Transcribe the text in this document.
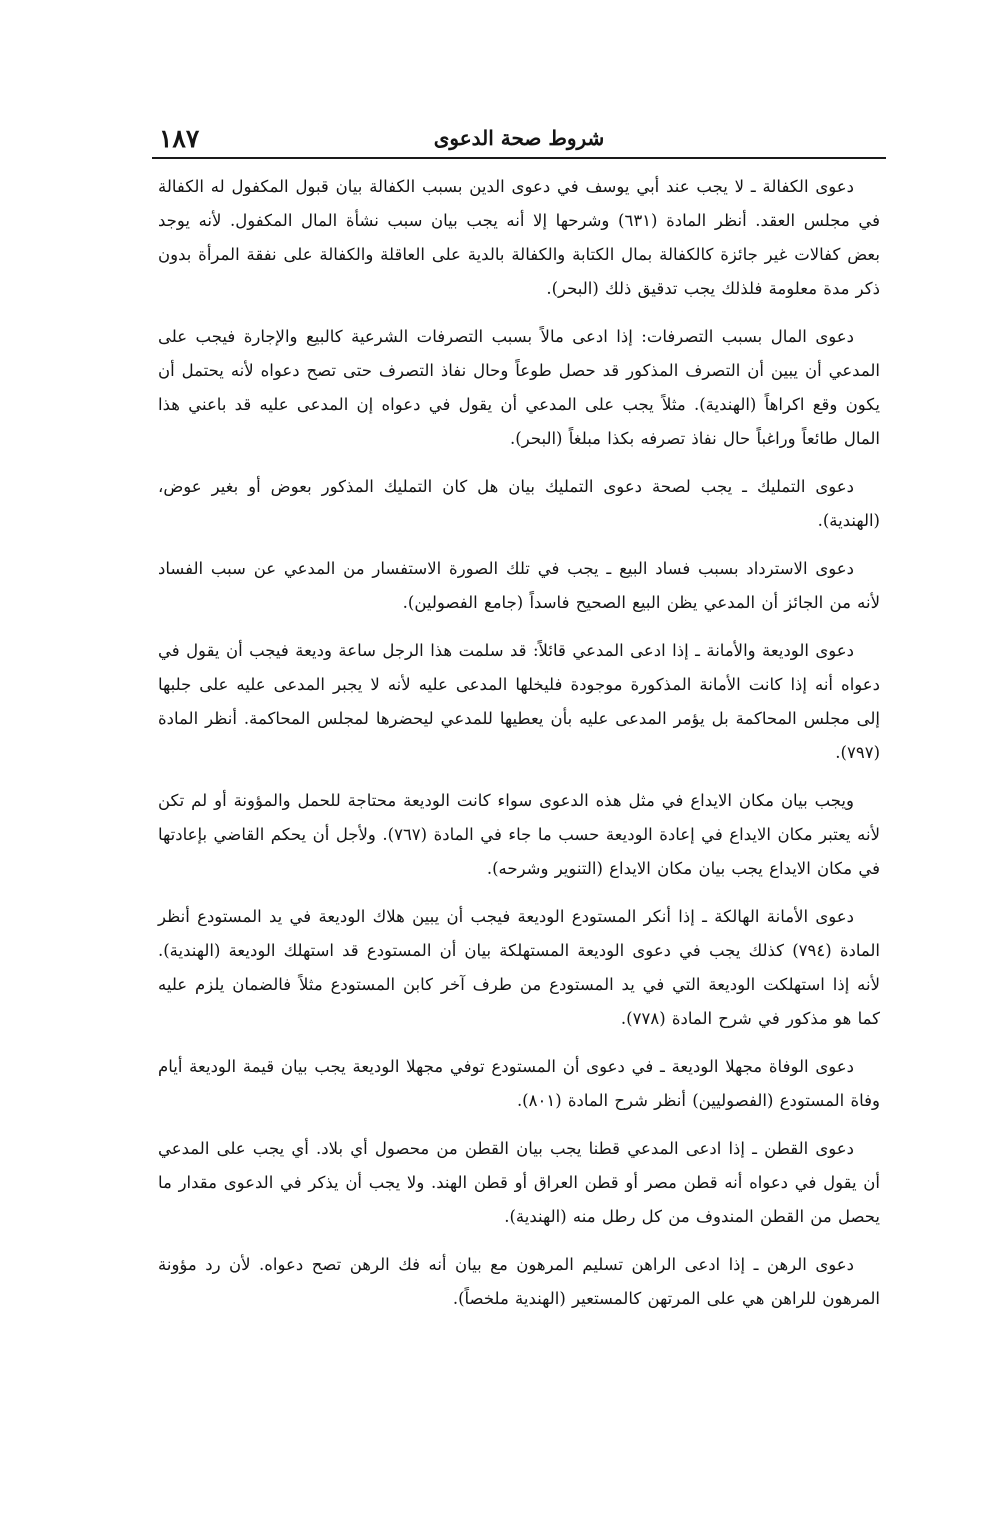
١٨٧	شروط صحة الدعوى

دعوى الكفالة ـ لا يجب عند أبي يوسف في دعوى الدين بسبب الكفالة بيان قبول المكفول له الكفالة في مجلس العقد. أنظر المادة (٦٣١) وشرحها إلا أنه يجب بيان سبب نشأة المال المكفول. لأنه يوجد بعض كفالات غير جائزة كالكفالة بمال الكتابة والكفالة بالدية على العاقلة والكفالة على نفقة المرأة بدون ذكر مدة معلومة فلذلك يجب تدقيق ذلك (البحر).

دعوى المال بسبب التصرفات: إذا ادعى مالاً بسبب التصرفات الشرعية كالبيع والإجارة فيجب على المدعي أن يبين أن التصرف المذكور قد حصل طوعاً وحال نفاذ التصرف حتى تصح دعواه لأنه يحتمل أن يكون وقع اكراهاً (الهندية). مثلاً يجب على المدعي أن يقول في دعواه إن المدعى عليه قد باعني هذا المال طائعاً وراغباً حال نفاذ تصرفه بكذا مبلغاً (البحر).

دعوى التمليك ـ يجب لصحة دعوى التمليك بيان هل كان التمليك المذكور بعوض أو بغير عوض، (الهندية).

دعوى الاسترداد بسبب فساد البيع ـ يجب في تلك الصورة الاستفسار من المدعي عن سبب الفساد لأنه من الجائز أن المدعي يظن البيع الصحيح فاسداً (جامع الفصولين).

دعوى الوديعة والأمانة ـ إذا ادعى المدعي قائلاً: قد سلمت هذا الرجل ساعة وديعة فيجب أن يقول في دعواه أنه إذا كانت الأمانة المذكورة موجودة فليخلها المدعى عليه لأنه لا يجبر المدعى عليه على جلبها إلى مجلس المحاكمة بل يؤمر المدعى عليه بأن يعطيها للمدعي ليحضرها لمجلس المحاكمة. أنظر المادة (٧٩٧).

ويجب بيان مكان الايداع في مثل هذه الدعوى سواء كانت الوديعة محتاجة للحمل والمؤونة أو لم تكن لأنه يعتبر مكان الايداع في إعادة الوديعة حسب ما جاء في المادة (٧٦٧). ولأجل أن يحكم القاضي بإعادتها في مكان الايداع يجب بيان مكان الايداع (التنوير وشرحه).

دعوى الأمانة الهالكة ـ إذا أنكر المستودع الوديعة فيجب أن يبين هلاك الوديعة في يد المستودع أنظر المادة (٧٩٤) كذلك يجب في دعوى الوديعة المستهلكة بيان أن المستودع قد استهلك الوديعة (الهندية). لأنه إذا استهلكت الوديعة التي في يد المستودع من طرف آخر كابن المستودع مثلاً فالضمان يلزم عليه كما هو مذكور في شرح المادة (٧٧٨).

دعوى الوفاة مجهلا الوديعة ـ في دعوى أن المستودع توفي مجهلا الوديعة يجب بيان قيمة الوديعة أيام وفاة المستودع (الفصوليين) أنظر شرح المادة (٨٠١).

دعوى القطن ـ إذا ادعى المدعي قطنا يجب بيان القطن من محصول أي بلاد. أي يجب على المدعي أن يقول في دعواه أنه قطن مصر أو قطن العراق أو قطن الهند. ولا يجب أن يذكر في الدعوى مقدار ما يحصل من القطن المندوف من كل رطل منه (الهندية).

دعوى الرهن ـ إذا ادعى الراهن تسليم المرهون مع بيان أنه فك الرهن تصح دعواه. لأن رد مؤونة المرهون للراهن هي على المرتهن كالمستعير (الهندية ملخصاً).
